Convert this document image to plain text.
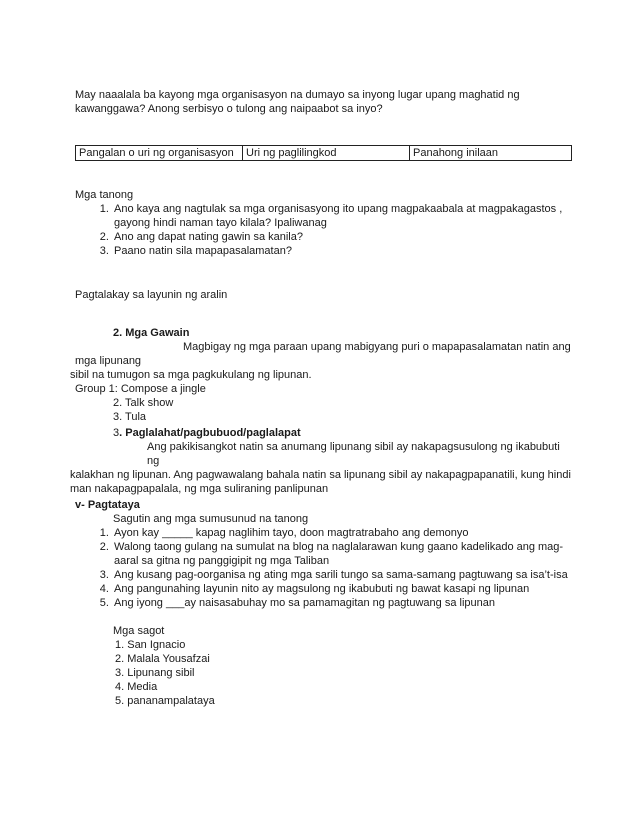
May naaalala ba kayong mga organisasyon na dumayo sa inyong lugar upang maghatid ng kawanggawa? Anong serbisyo o tulong ang naipaabot sa inyo?
Pangalan o uri ng organisasyon	Uri ng paglilingkod	Panahong inilaan

Mga tanong

1. Ano kaya ang nagtulak sa mga organisasyong ito upang magpakaabala at magpakagastos , gayong hindi naman tayo kilala? Ipaliwanag
2. Ano ang dapat nating gawin sa kanila?
3. Paano natin sila mapapasalamatan?
Pagtalakay sa layunin ng aralin

2. Mga Gawain

Magbigay ng mga paraan upang mabigyang puri o mapapasalamatan natin ang mga lipunang

sibil na tumugon sa mga pagkukulang ng lipunan.

Group 1: Compose a jingle

2. Talk show

3. Tula

3. Paglalahat/pagbubuod/paglalapat

Ang pakikisangkot natin sa anumang lipunang sibil ay nakapagsusulong ng ikabubuti ng

kalakhan ng lipunan. Ang pagwawalang bahala natin sa lipunang sibil ay nakapagpapanatili, kung hindi

man nakapagpapalala, ng mga suliraning panlipunan

v- Pagtataya

Sagutin ang mga sumusunud na tanong

1. Ayon kay _____ kapag naglihim tayo, doon magtratrabaho ang demonyo
2. Walong taong gulang na sumulat na blog na naglalarawan kung gaano kadelikado ang mag-aaral sa gitna ng panggigipit ng mga Taliban
3. Ang kusang pag-oorganisa ng ating mga sarili tungo sa sama-samang pagtuwang sa isa’t-isa
4. Ang pangunahing layunin nito ay magsulong ng ikabubuti ng bawat kasapi ng lipunan
5. Ang iyong ___ay naisasabuhay mo sa pamamagitan ng pagtuwang sa lipunan

Mga sagot

1. San Ignacio
2. Malala Yousafzai
3. Lipunang sibil
4. Media
5. pananampalataya
